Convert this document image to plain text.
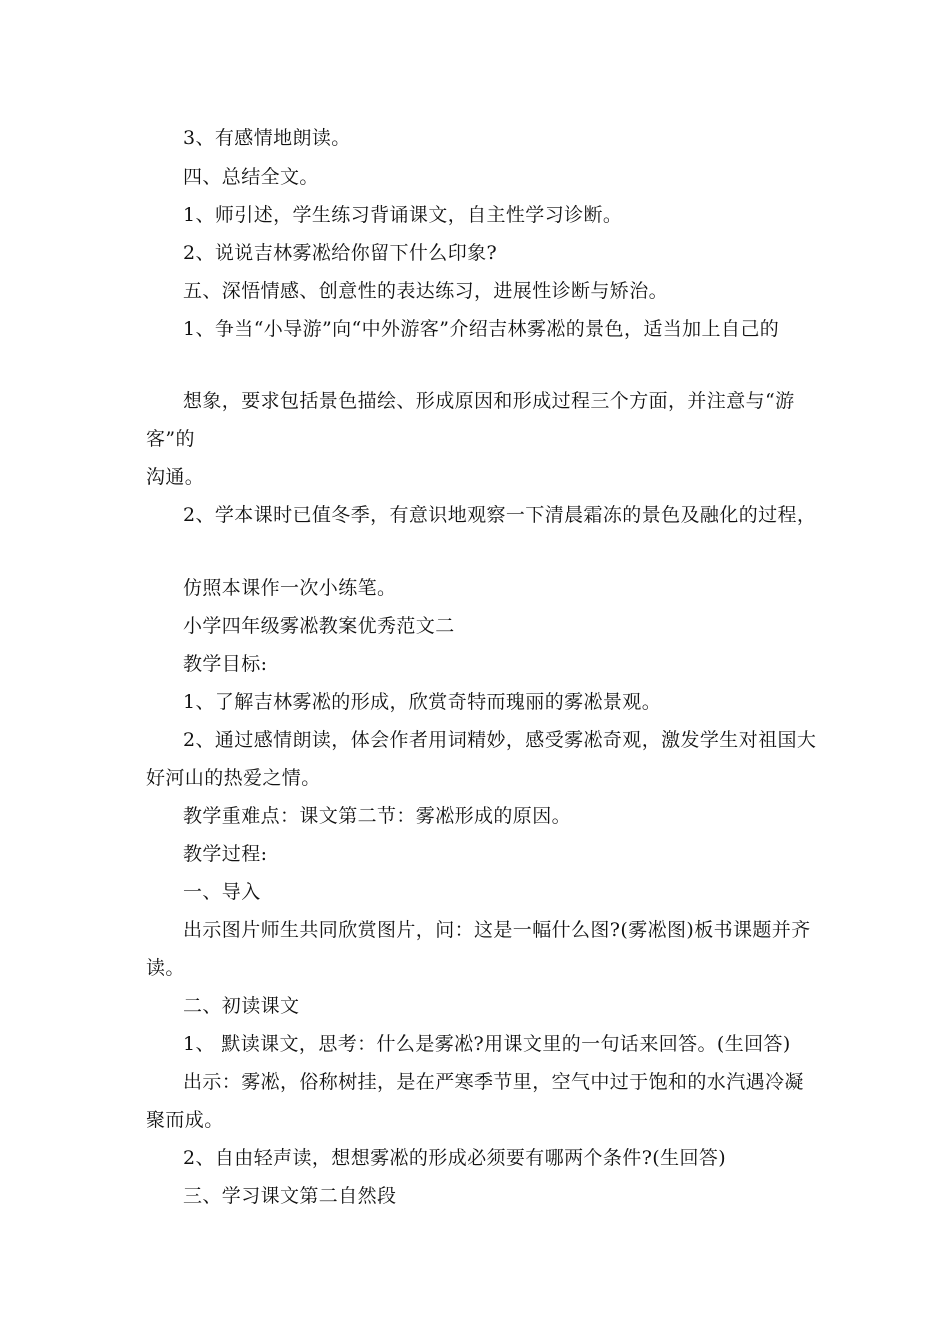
3、有感情地朗读。
四、总结全文。
1、师引述，学生练习背诵课文，自主性学习诊断。
2、说说吉林雾凇给你留下什么印象?
五、深悟情感、创意性的表达练习，进展性诊断与矫治。
1、争当“小导游”向“中外游客”介绍吉林雾凇的景色，适当加上自己的
想象，要求包括景色描绘、形成原因和形成过程三个方面，并注意与“游
客”的
沟通。
2、学本课时已值冬季，有意识地观察一下清晨霜冻的景色及融化的过程，
仿照本课作一次小练笔。
小学四年级雾凇教案优秀范文二
教学目标:
1、了解吉林雾凇的形成，欣赏奇特而瑰丽的雾凇景观。
2、通过感情朗读，体会作者用词精妙，感受雾凇奇观，激发学生对祖国大
好河山的热爱之情。
教学重难点：课文第二节：雾凇形成的原因。
教学过程:
一、导入
出示图片师生共同欣赏图片，问：这是一幅什么图?(雾凇图)板书课题并齐
读。
二、初读课文
1、 默读课文，思考：什么是雾凇?用课文里的一句话来回答。(生回答)
出示：雾凇，俗称树挂，是在严寒季节里，空气中过于饱和的水汽遇冷凝
聚而成。
2、自由轻声读，想想雾凇的形成必须要有哪两个条件?(生回答)
三、学习课文第二自然段
